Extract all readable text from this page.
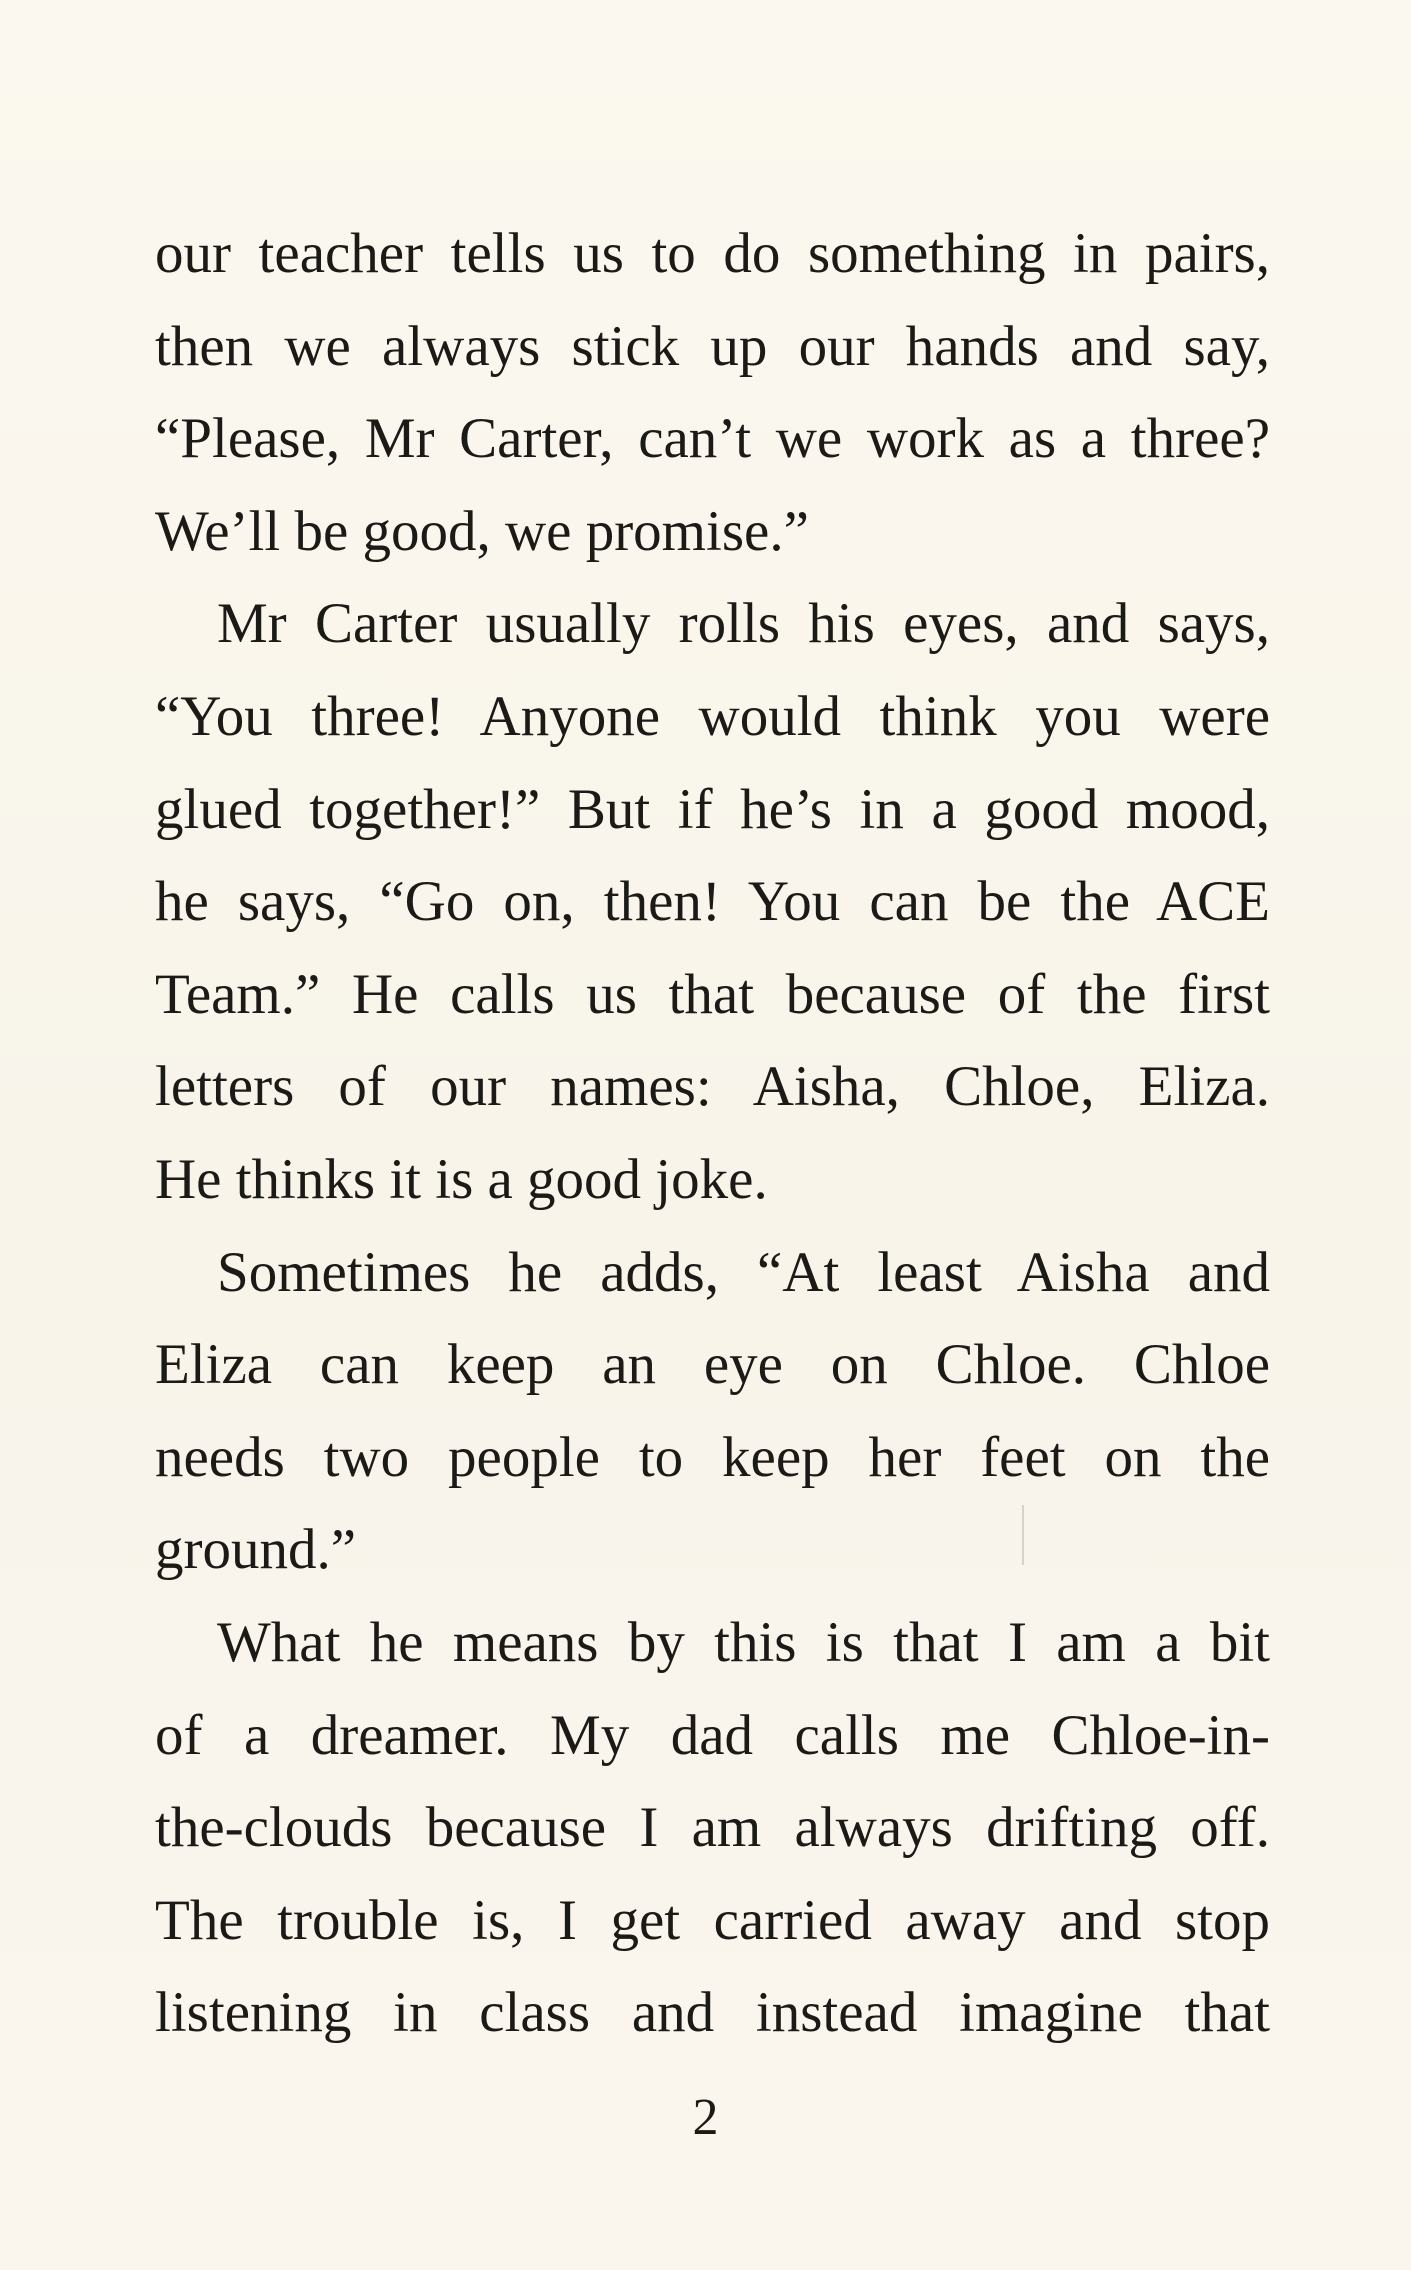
our teacher tells us to do something in pairs,
then we always stick up our hands and say,
“Please, Mr Carter, can’t we work as a three?
We’ll be good, we promise.”
Mr Carter usually rolls his eyes, and says,
“You three! Anyone would think you were
glued together!” But if he’s in a good mood,
he says, “Go on, then! You can be the ACE
Team.” He calls us that because of the first
letters of our names: Aisha, Chloe, Eliza.
He thinks it is a good joke.
Sometimes he adds, “At least Aisha and
Eliza can keep an eye on Chloe. Chloe
needs two people to keep her feet on the
ground.”
What he means by this is that I am a bit
of a dreamer. My dad calls me Chloe-in-
the-clouds because I am always drifting off.
The trouble is, I get carried away and stop
listening in class and instead imagine that
2
